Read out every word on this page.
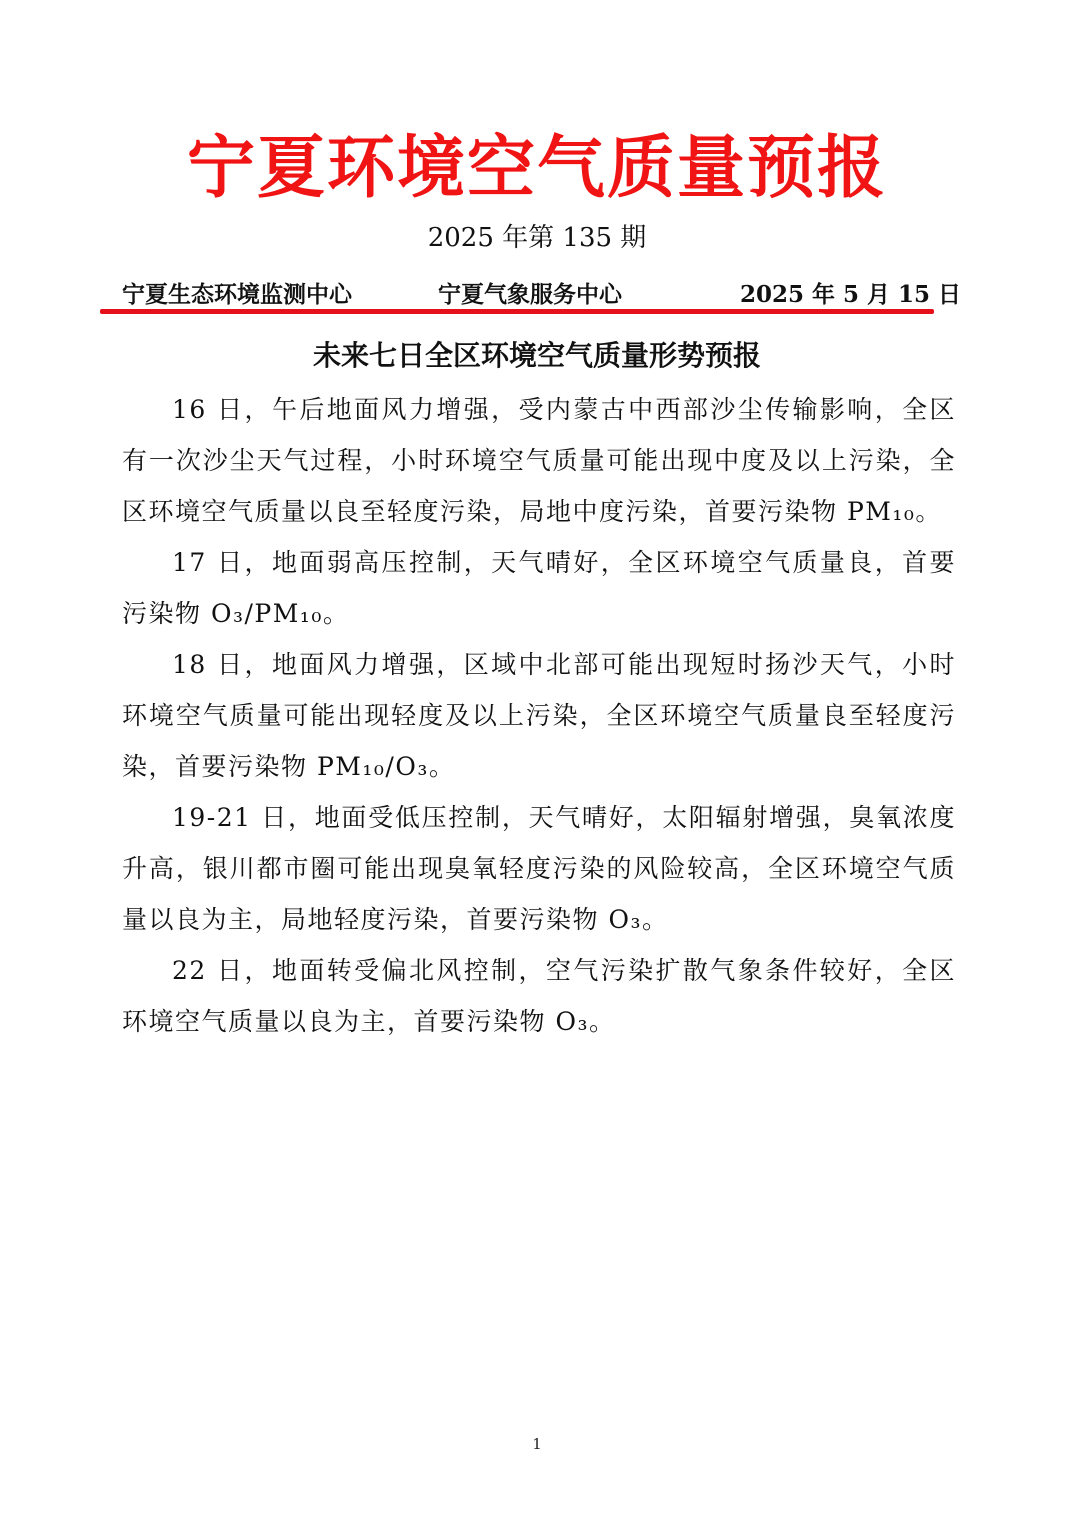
宁夏环境空气质量预报
2025 年第 135 期
宁夏生态环境监测中心	宁夏气象服务中心	2025 年 5 月 15 日
未来七日全区环境空气质量形势预报

16 日，午后地面风力增强，受内蒙古中西部沙尘传输影响，全区有一次沙尘天气过程，小时环境空气质量可能出现中度及以上污染，全区环境空气质量以良至轻度污染，局地中度污染，首要污染物 PM₁₀。

17 日，地面弱高压控制，天气晴好，全区环境空气质量良，首要污染物 O₃/PM₁₀。

18 日，地面风力增强，区域中北部可能出现短时扬沙天气，小时环境空气质量可能出现轻度及以上污染，全区环境空气质量良至轻度污染，首要污染物 PM₁₀/O₃。

19-21 日，地面受低压控制，天气晴好，太阳辐射增强，臭氧浓度升高，银川都市圈可能出现臭氧轻度污染的风险较高，全区环境空气质量以良为主，局地轻度污染，首要污染物 O₃。

22 日，地面转受偏北风控制，空气污染扩散气象条件较好，全区环境空气质量以良为主，首要污染物 O₃。

1
